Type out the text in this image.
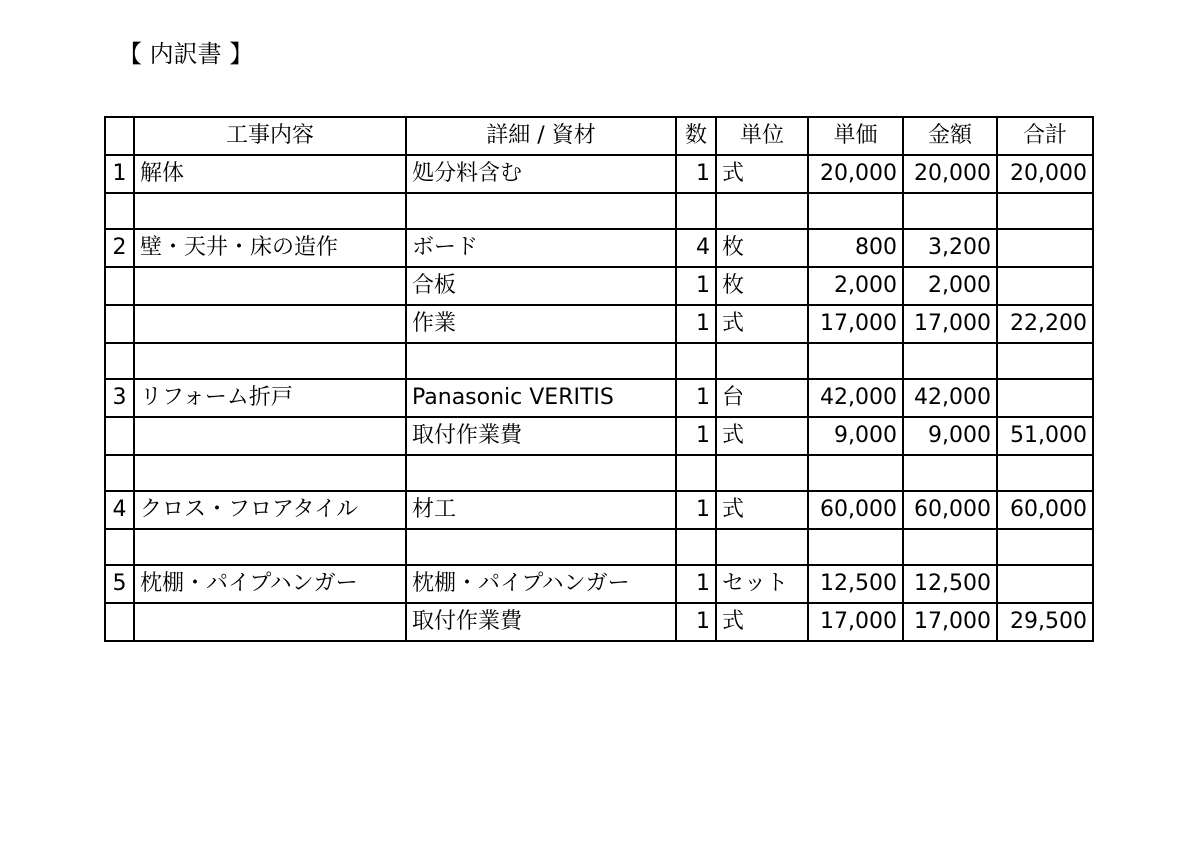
【 内訳書 】
	工事内容	詳細 / 資材	数	単位	単価	金額	合計
1	解体	処分料含む	1	式	20,000	20,000	20,000

2	壁・天井・床の造作	ボード	4	枚	800	3,200	
		合板	1	枚	2,000	2,000	
		作業	1	式	17,000	17,000	22,200

3	リフォーム折戸	Panasonic VERITIS	1	台	42,000	42,000	
		取付作業費	1	式	9,000	9,000	51,000

4	クロス・フロアタイル	材工	1	式	60,000	60,000	60,000

5	枕棚・パイプハンガー	枕棚・パイプハンガー	1	セット	12,500	12,500	
		取付作業費	1	式	17,000	17,000	29,500
